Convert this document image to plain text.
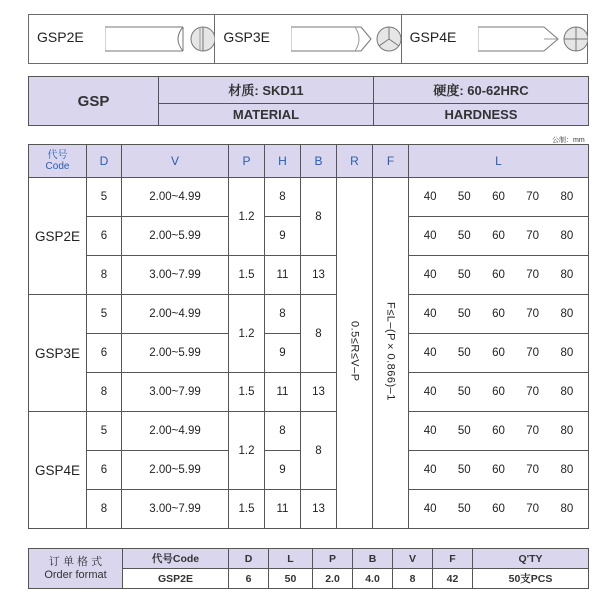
GSP2E	GSP3E	GSP4E
GSP	材质: SKD11	硬度: 60-62HRC
	MATERIAL	HARDNESS
公制：mm
代号
Code	D	V	P	H	B	R	F	L
GSP2E	5	2.00~4.99	1.2	8	8	0.5≤R≤V–P	F≤L–(P×0.866)–1	40 50 60 70 80

	6	2.00~5.99		9				40 50 60 70 80

	8	3.00~7.99	1.5	11	13			40 50 60 70 80

GSP3E	5	2.00~4.99	1.2	8	8			40 50 60 70 80

	6	2.00~5.99		9				40 50 60 70 80

	8	3.00~7.99	1.5	11	13			40 50 60 70 80

GSP4E	5	2.00~4.99	1.2	8	8			40 50 60 70 80

	6	2.00~5.99		9				40 50 60 70 80

	8	3.00~7.99	1.5	11	13			40 50 60 70 80
订 单 格 式
Order format	代号Code	D	L	P	B	V	F	Q'TY
	GSP2E	6	50	2.0	4.0	8	42	50支PCS
